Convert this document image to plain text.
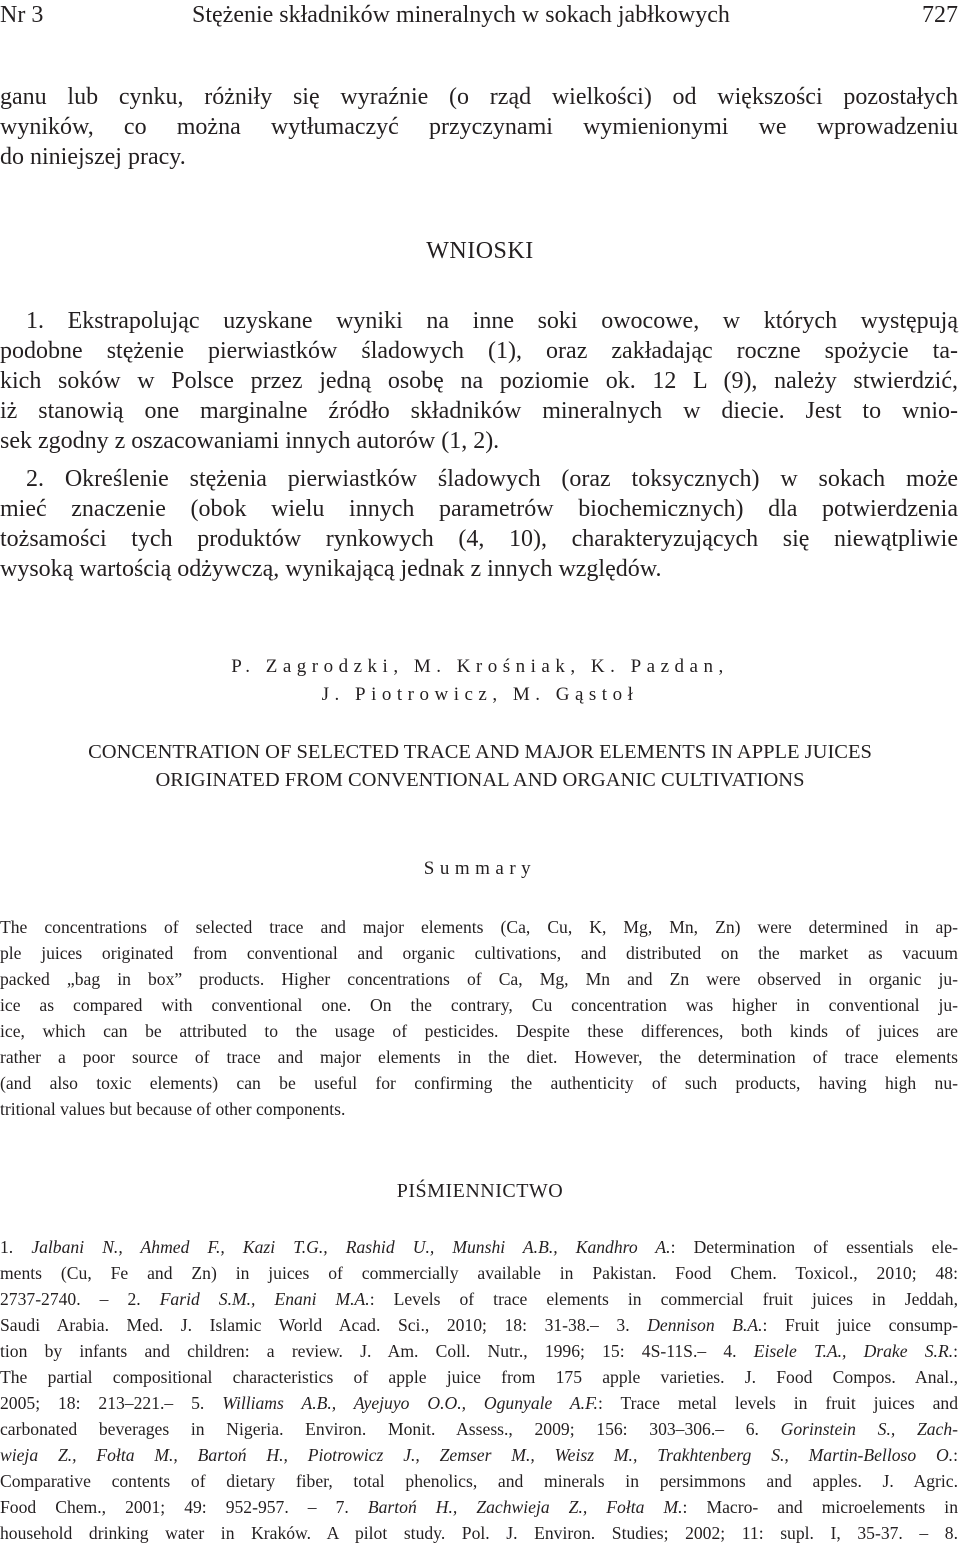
Nr 3	Stężenie składników mineralnych w sokach jabłkowych	727
ganu lub cynku, różniły się wyraźnie (o rząd wielkości) od większości pozostałych
wyników, co można wytłumaczyć przyczynami wymienionymi we wprowadzeniu
do niniejszej pracy.
WNIOSKI
1. Ekstrapolując uzyskane wyniki na inne soki owocowe, w których występują
podobne stężenie pierwiastków śladowych (1), oraz zakładając roczne spożycie ta-
kich soków w Polsce przez jedną osobę na poziomie ok. 12 L (9), należy stwierdzić,
iż stanowią one marginalne źródło składników mineralnych w diecie. Jest to wnio-
sek zgodny z oszacowaniami innych autorów (1, 2).
2. Określenie stężenia pierwiastków śladowych (oraz toksycznych) w sokach może
mieć znaczenie (obok wielu innych parametrów biochemicznych) dla potwierdzenia
tożsamości tych produktów rynkowych (4, 10), charakteryzujących się niewątpliwie
wysoką wartością odżywczą, wynikającą jednak z innych względów.
P. Zagrodzki, M. Krośniak, K. Pazdan,
J. Piotrowicz, M. Gąstoł
CONCENTRATION OF SELECTED TRACE AND MAJOR ELEMENTS IN APPLE JUICES
ORIGINATED FROM CONVENTIONAL AND ORGANIC CULTIVATIONS
Summary
The concentrations of selected trace and major elements (Ca, Cu, K, Mg, Mn, Zn) were determined in ap-
ple juices originated from conventional and organic cultivations, and distributed on the market as vacuum
packed „bag in box” products. Higher concentrations of Ca, Mg, Mn and Zn were observed in organic ju-
ice as compared with conventional one. On the contrary, Cu concentration was higher in conventional ju-
ice, which can be attributed to the usage of pesticides. Despite these differences, both kinds of juices are
rather a poor source of trace and major elements in the diet. However, the determination of trace elements
(and also toxic elements) can be useful for confirming the authenticity of such products, having high nu-
tritional values but because of other components.
PIŚMIENNICTWO
1. Jalbani N., Ahmed F., Kazi T.G., Rashid U., Munshi A.B., Kandhro A.: Determination of essentials ele-
ments (Cu, Fe and Zn) in juices of commercially available in Pakistan. Food Chem. Toxicol., 2010; 48:
2737-2740. – 2. Farid S.M., Enani M.A.: Levels of trace elements in commercial fruit juices in Jeddah,
Saudi Arabia. Med. J. Islamic World Acad. Sci., 2010; 18: 31-38.– 3. Dennison B.A.: Fruit juice consump-
tion by infants and children: a review. J. Am. Coll. Nutr., 1996; 15: 4S-11S.– 4. Eisele T.A., Drake S.R.:
The partial compositional characteristics of apple juice from 175 apple varieties. J. Food Compos. Anal.,
2005; 18: 213–221.– 5. Williams A.B., Ayejuyo O.O., Ogunyale A.F.: Trace metal levels in fruit juices and
carbonated beverages in Nigeria. Environ. Monit. Assess., 2009; 156: 303–306.– 6. Gorinstein S., Zach-
wieja Z., Fołta M., Bartoń H., Piotrowicz J., Zemser M., Weisz M., Trakhtenberg S., Martin-Belloso O.:
Comparative contents of dietary fiber, total phenolics, and minerals in persimmons and apples. J. Agric.
Food Chem., 2001; 49: 952-957. – 7. Bartoń H., Zachwieja Z., Fołta M.: Macro- and microelements in
household drinking water in Kraków. A pilot study. Pol. J. Environ. Studies; 2002; 11: supl. I, 35-37. – 8.
